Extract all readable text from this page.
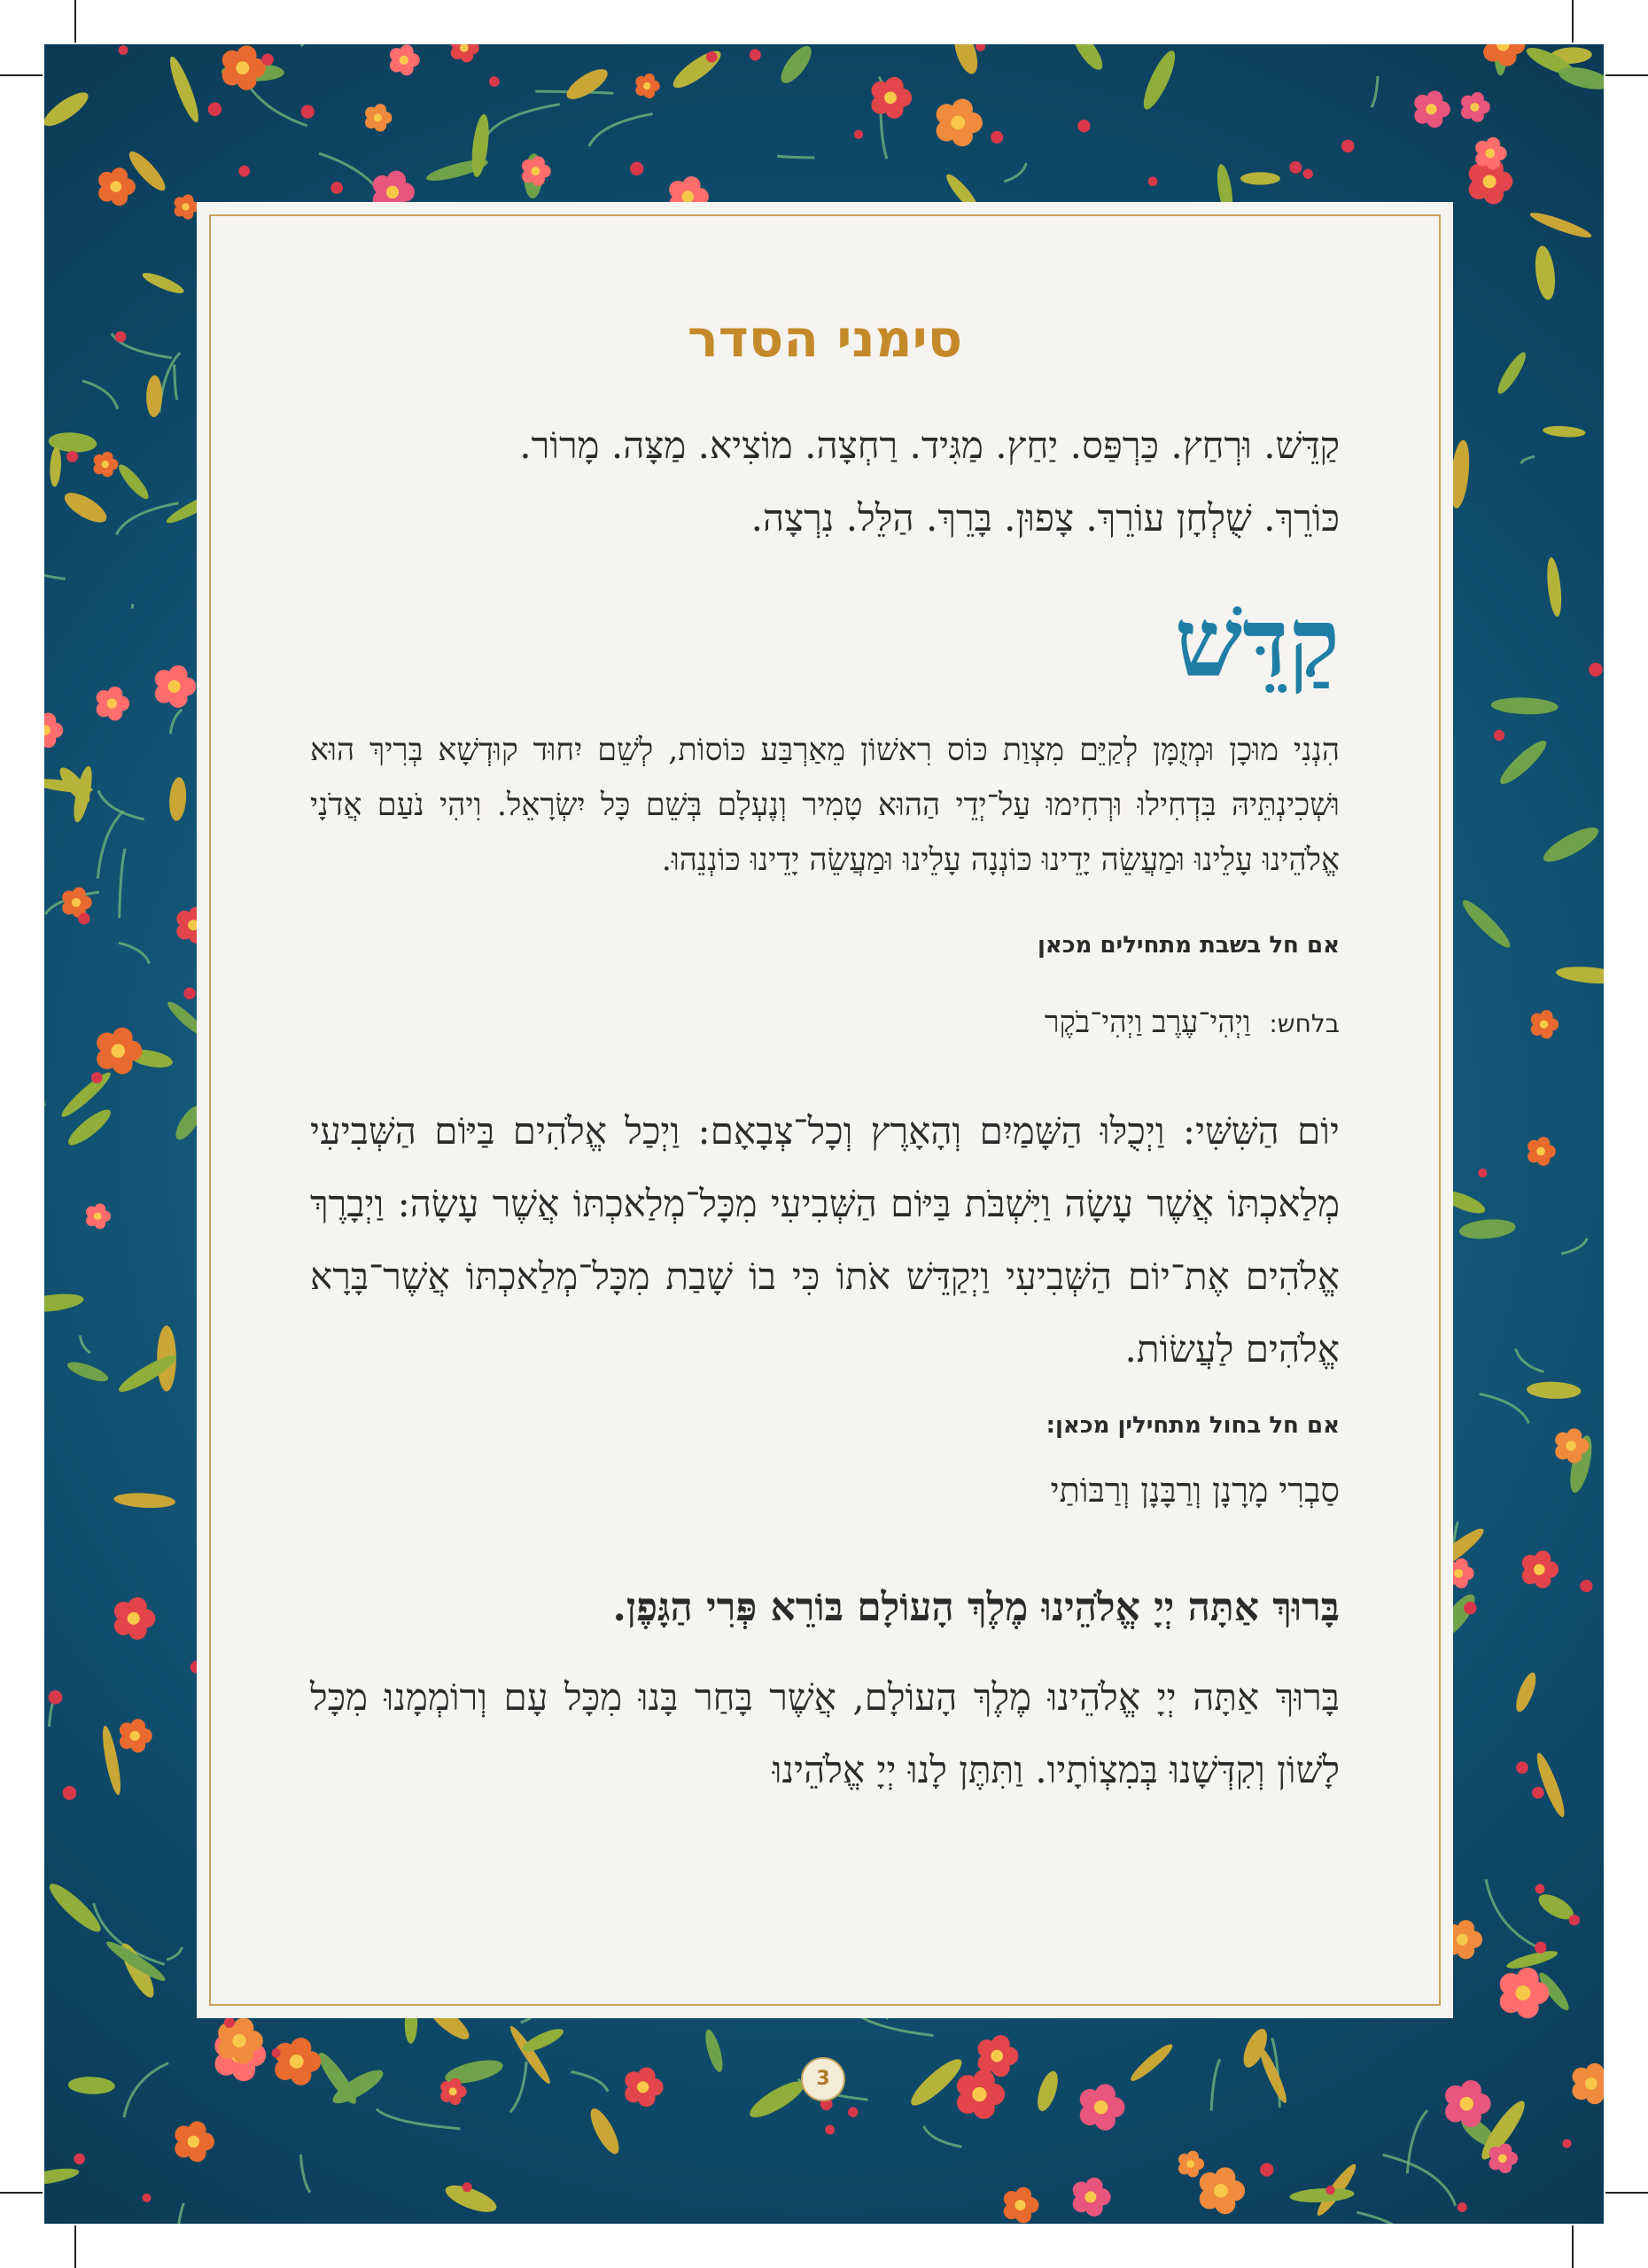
סימני הסדר

קַדֵּשׁ. וּרְחַץ. כַּרְפַּס. יַחַץ. מַגִּיד. רַחְצָה. מוֹצִיא. מַצָּה. מָרוֹר.

כּוֹרֵךְ. שֻׁלְחָן עוֹרֵךְ. צָפוּן. בָּרֵךְ. הַלֵּל. נִרְצָה.

קַדֵּשׁ

הִנְנִי מוּכָן וּמְזֻמָּן לְקַיֵּם מִצְוַת כּוֹס רִאשׁוֹן מֵאַרְבַּע כּוֹסוֹת, לְשֵׁם יִחוּד קוּדְשָׁא בְּרִיךְ הוּא וּשְׁכִינְתֵּיהּ בִּדְחִילוּ וּרְחִימוּ עַל־יְדֵי הַהוּא טָמִיר וְנֶעְלָם בְּשֵׁם כָּל יִשְׂרָאֵל. וִיהִי נֹעַם אֲדֹנָי אֱלֹהֵינוּ עָלֵינוּ וּמַעֲשֵׂה יָדֵינוּ כּוֹנְנָה עָלֵינוּ וּמַעֲשֵׂה יָדֵינוּ כּוֹנְנֵהוּ.

אם חל בשבת מתחילים מכאן

בלחש: וַיְהִי־עֶרֶב וַיְהִי־בֹקֶר

יוֹם הַשִּׁשִּׁי: וַיְכֻלּוּ הַשָּׁמַיִם וְהָאָרֶץ וְכָל־צְבָאָם: וַיְכַל אֱלֹהִים בַּיּוֹם הַשְּׁבִיעִי מְלַאכְתּוֹ אֲשֶׁר עָשָׂה וַיִּשְׁבֹּת בַּיּוֹם הַשְּׁבִיעִי מִכָּל־מְלַאכְתּוֹ אֲשֶׁר עָשָׂה: וַיְבָרֶךְ אֱלֹהִים אֶת־יוֹם הַשְּׁבִיעִי וַיְקַדֵּשׁ אֹתוֹ כִּי בוֹ שָׁבַת מִכָּל־מְלַאכְתּוֹ אֲשֶׁר־בָּרָא אֱלֹהִים לַעֲשׂוֹת.

אם חל בחול מתחילין מכאן:

סַבְרִי מָרָנָן וְרַבָּנָן וְרַבּוֹתַי

בָּרוּךְ אַתָּה יְיָ אֱלֹהֵינוּ מֶלֶךְ הָעוֹלָם בּוֹרֵא פְּרִי הַגָּפֶן.

בָּרוּךְ אַתָּה יְיָ אֱלֹהֵינוּ מֶלֶךְ הָעוֹלָם, אֲשֶׁר בָּחַר בָּנוּ מִכָּל עָם וְרוֹמְמָנוּ מִכָּל לָשׁוֹן וְקִדְּשָׁנוּ בְּמִצְוֹתָיו. וַתִּתֶּן לָנוּ יְיָ אֱלֹהֵינוּ

3
